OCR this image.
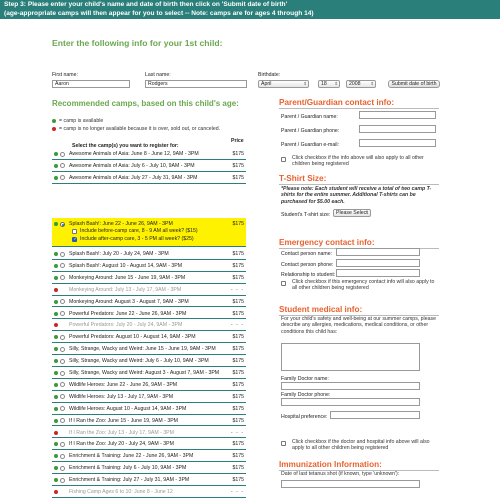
Step 3: Please enter your child's name and date of birth then click on 'Submit date of birth'
(age-appropriate camps will then appear for you to select -- Note: camps are for ages 4 through 14)
Enter the following info for your 1st child:
First name:
Aaron
Last name:
Rodgers
Birthdate:
April ⇕	18 ⇕	2008 ⇕	Submit date of birth
Recommended camps, based on this child's age:
= camp is available
= camp is no longer available because it is over, sold out, or canceled.
Price
Select the camp(s) you want to register for:
Awesome Animals of Asia: June 8 - June 12, 9AM - 3PM	$175
Awesome Animals of Asia: July 6 - July 10, 9AM - 3PM	$175
Awesome Animals of Asia: July 27 - July 31, 9AM - 3PM	$175
Splash Bash!: June 22 - June 26, 9AM - 3PM	$175
Include before-camp care, 8 - 9 AM all week? ($15)
✓
Include after-camp care, 3 - 5 PM all week? ($25)
Splash Bash!: July 20 - July 24, 9AM - 3PM	$175
Splash Bash!: August 10 - August 14, 9AM - 3PM	$175
Monkeying Around: June 15 - June 19, 9AM - 3PM	$175
Monkeying Around: July 13 - July 17, 9AM - 3PM	- - -
Monkeying Around: August 3 - August 7, 9AM - 3PM	$175
Powerful Predators: June 22 - June 26, 9AM - 3PM	$175
Powerful Predators: July 20 - July 24, 9AM - 3PM	- - -
Powerful Predators: August 10 - August 14, 9AM - 3PM	$175
Silly, Strange, Wacky and Weird: June 15 - June 19, 9AM - 3PM	$175
Silly, Strange, Wacky and Weird: July 6 - July 10, 9AM - 3PM	$175
Silly, Strange, Wacky and Weird: August 3 - August 7, 9AM - 3PM	$175
Wildlife Heroes: June 22 - June 26, 9AM - 3PM	$175
Wildlife Heroes: July 13 - July 17, 9AM - 3PM	$175
Wildlife Heroes: August 10 - August 14, 9AM - 3PM	$175
If I Ran the Zoo: June 15 - June 19, 9AM - 3PM	$175
If I Ran the Zoo: July 13 - July 17, 9AM - 3PM	- - -
If I Ran the Zoo: July 20 - July 24, 9AM - 3PM	$175
Enrichment & Training: June 22 - June 26, 9AM - 3PM	$175
Enrichment & Training: July 6 - July 10, 9AM - 3PM	$175
Enrichment & Training: July 27 - July 31, 9AM - 3PM	$175
Fishing Camp Ages 6 to 10: June 8 - June 12	- - -
Parent/Guardian contact info:
Parent / Guardian name:
Parent / Guardian phone:
Parent / Guardian e-mail:
Click checkbox if the info above will also apply to all other children being registered
T-Shirt Size:
*Please note: Each student will receive a total of two camp T-shirts for the entire summer. Additional T-shirts can be purchased for $5.00 each.
Student's T-shirt size:	Please Select ⇕
Emergency contact info:
Contact person name:
Contact person phone:
Relationship to student:
Click checkbox if this emergency contact info will also apply to all other children being registered
Student medical info:
For your child's safety and well-being at our summer camps, please describe any allergies, medications, medical conditions, or other conditions this child has:
Family Doctor name:
Family Doctor phone:
Hospital preference:
Click checkbox if the doctor and hospital info above will also apply to all other children being registered
Immunization Information:
Date of last tetanus shot (if known, type 'unknown'):
